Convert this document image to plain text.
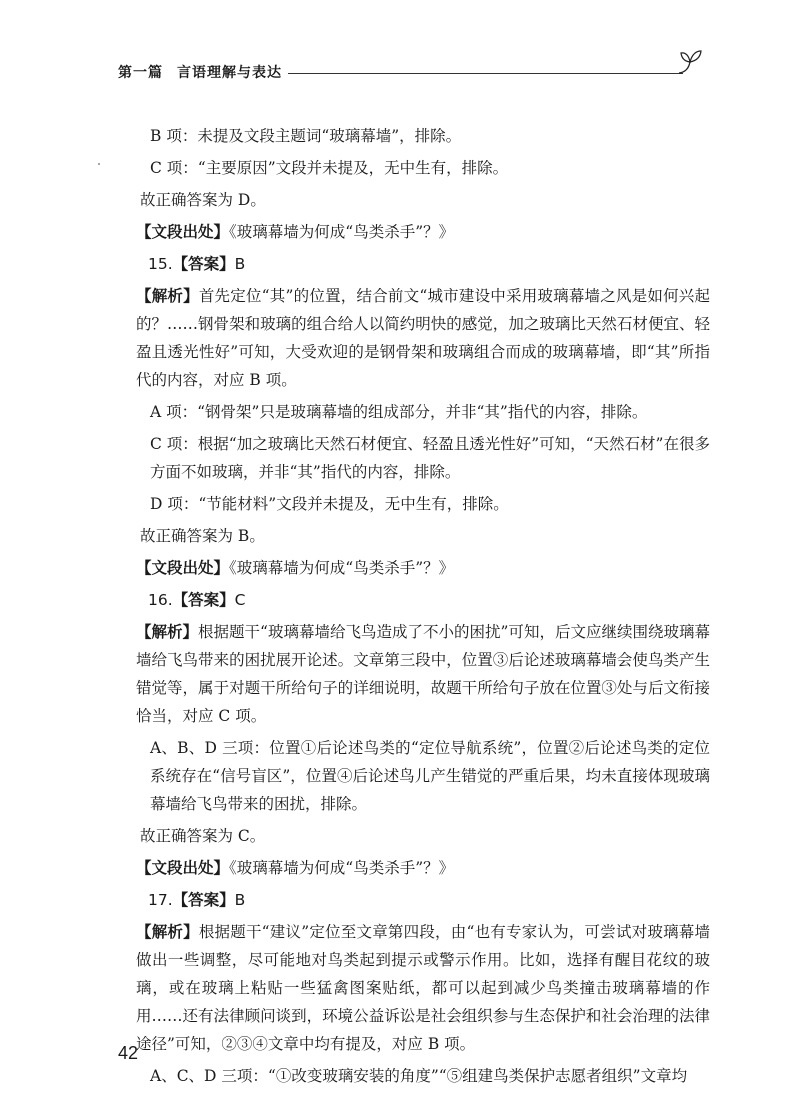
第一篇 言语理解与表达

B 项：未提及文段主题词“玻璃幕墙”，排除。

C 项：“主要原因”文段并未提及，无中生有，排除。

故正确答案为 D。

【文段出处】《玻璃幕墙为何成“鸟类杀手”？》

15.【答案】B

【解析】首先定位“其”的位置，结合前文“城市建设中采用玻璃幕墙之风是如何兴起的？……钢骨架和玻璃的组合给人以简约明快的感觉，加之玻璃比天然石材便宜、轻盈且透光性好”可知，大受欢迎的是钢骨架和玻璃组合而成的玻璃幕墙，即“其”所指代的内容，对应 B 项。

A 项：“钢骨架”只是玻璃幕墙的组成部分，并非“其”指代的内容，排除。

C 项：根据“加之玻璃比天然石材便宜、轻盈且透光性好”可知，“天然石材”在很多方面不如玻璃，并非“其”指代的内容，排除。

D 项：“节能材料”文段并未提及，无中生有，排除。

故正确答案为 B。

【文段出处】《玻璃幕墙为何成“鸟类杀手”？》

16.【答案】C

【解析】根据题干“玻璃幕墙给飞鸟造成了不小的困扰”可知，后文应继续围绕玻璃幕墙给飞鸟带来的困扰展开论述。文章第三段中，位置③后论述玻璃幕墙会使鸟类产生错觉等，属于对题干所给句子的详细说明，故题干所给句子放在位置③处与后文衔接恰当，对应 C 项。

A、B、D 三项：位置①后论述鸟类的“定位导航系统”，位置②后论述鸟类的定位系统存在“信号盲区”，位置④后论述鸟儿产生错觉的严重后果，均未直接体现玻璃幕墙给飞鸟带来的困扰，排除。

故正确答案为 C。

【文段出处】《玻璃幕墙为何成“鸟类杀手”？》

17.【答案】B

【解析】根据题干“建议”定位至文章第四段，由“也有专家认为，可尝试对玻璃幕墙做出一些调整，尽可能地对鸟类起到提示或警示作用。比如，选择有醒目花纹的玻璃，或在玻璃上粘贴一些猛禽图案贴纸，都可以起到减少鸟类撞击玻璃幕墙的作用……还有法律顾问谈到，环境公益诉讼是社会组织参与生态保护和社会治理的法律途径”可知，②③④文章中均有提及，对应 B 项。

A、C、D 三项：“①改变玻璃安装的角度”“⑤组建鸟类保护志愿者组织”文章均

42
